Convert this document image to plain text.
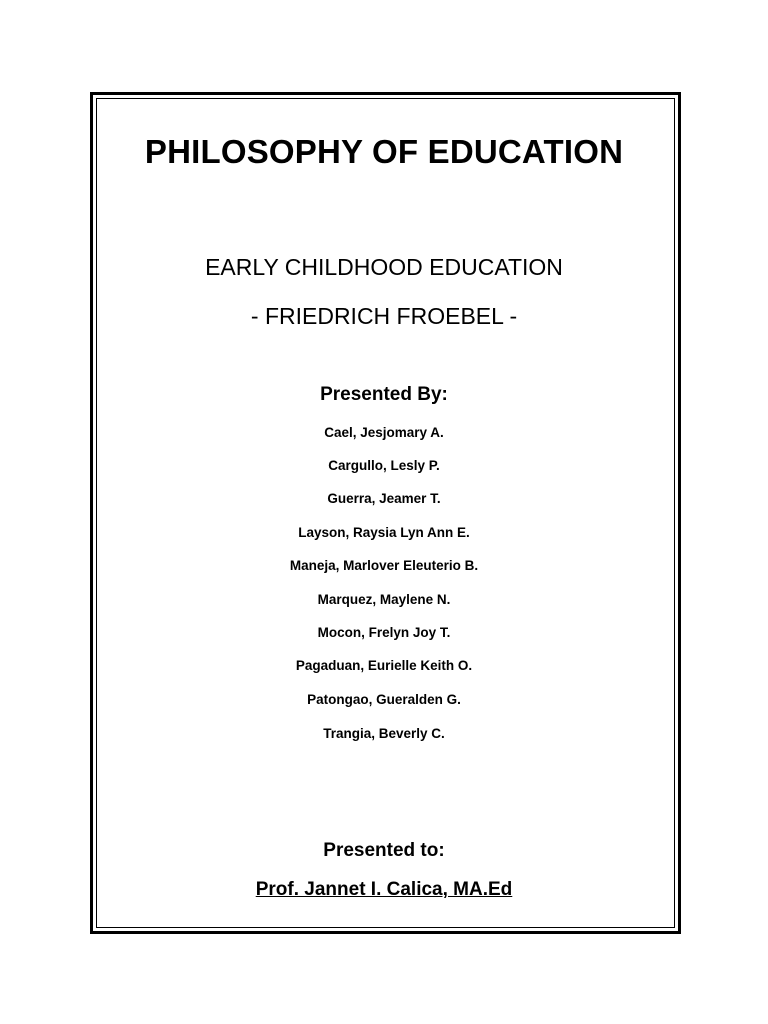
PHILOSOPHY OF EDUCATION
EARLY CHILDHOOD EDUCATION
- FRIEDRICH FROEBEL -
Presented By:
Cael, Jesjomary A.
Cargullo, Lesly P.
Guerra, Jeamer T.
Layson, Raysia Lyn Ann E.
Maneja, Marlover Eleuterio B.
Marquez, Maylene N.
Mocon, Frelyn Joy T.
Pagaduan, Eurielle Keith O.
Patongao, Gueralden G.
Trangia, Beverly C.
Presented to:
Prof. Jannet I. Calica, MA.Ed
